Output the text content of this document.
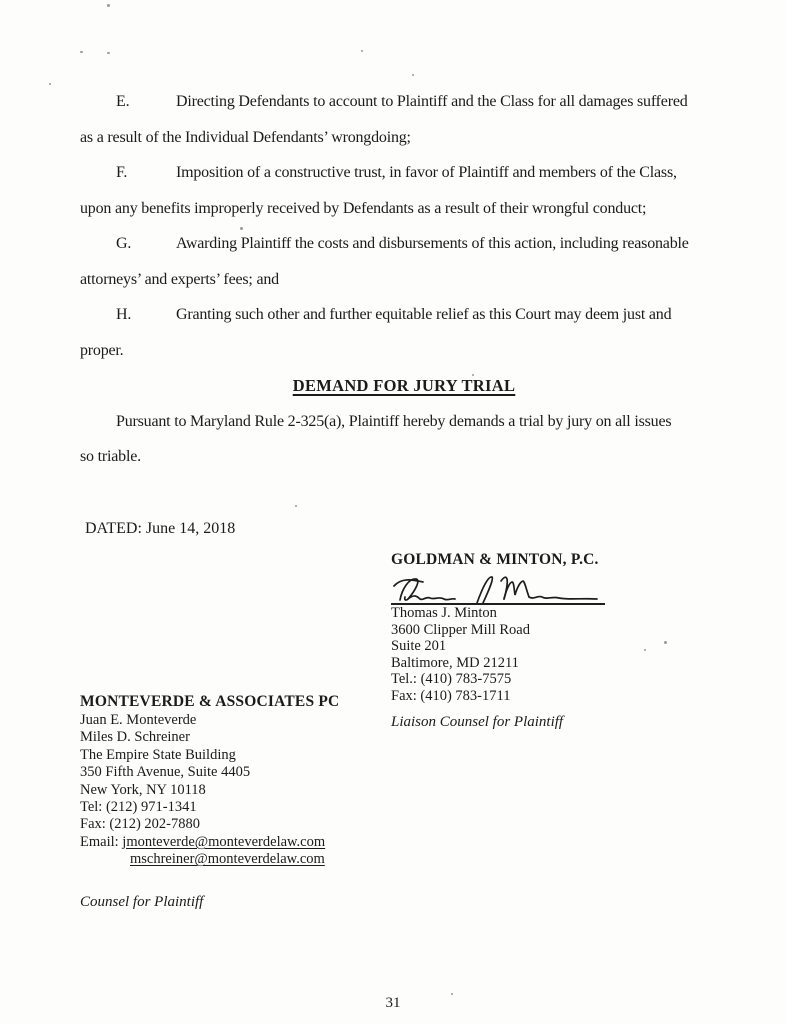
E.	Directing Defendants to account to Plaintiff and the Class for all damages suffered
as a result of the Individual Defendants’ wrongdoing;
F.	Imposition of a constructive trust, in favor of Plaintiff and members of the Class,
upon any benefits improperly received by Defendants as a result of their wrongful conduct;
G.	Awarding Plaintiff the costs and disbursements of this action, including reasonable
attorneys’ and experts’ fees; and
H.	Granting such other and further equitable relief as this Court may deem just and
proper.
DEMAND FOR JURY TRIAL
Pursuant to Maryland Rule 2-325(a), Plaintiff hereby demands a trial by jury on all issues
so triable.
DATED: June 14, 2018
GOLDMAN & MINTON, P.C.
Thomas J. Minton
3600 Clipper Mill Road
Suite 201
Baltimore, MD 21211
Tel.: (410) 783-7575
Fax: (410) 783-1711
Liaison Counsel for Plaintiff
MONTEVERDE & ASSOCIATES PC
Juan E. Monteverde
Miles D. Schreiner
The Empire State Building
350 Fifth Avenue, Suite 4405
New York, NY 10118
Tel: (212) 971-1341
Fax: (212) 202-7880
Email: jmonteverde@monteverdelaw.com
mschreiner@monteverdelaw.com
Counsel for Plaintiff
31
